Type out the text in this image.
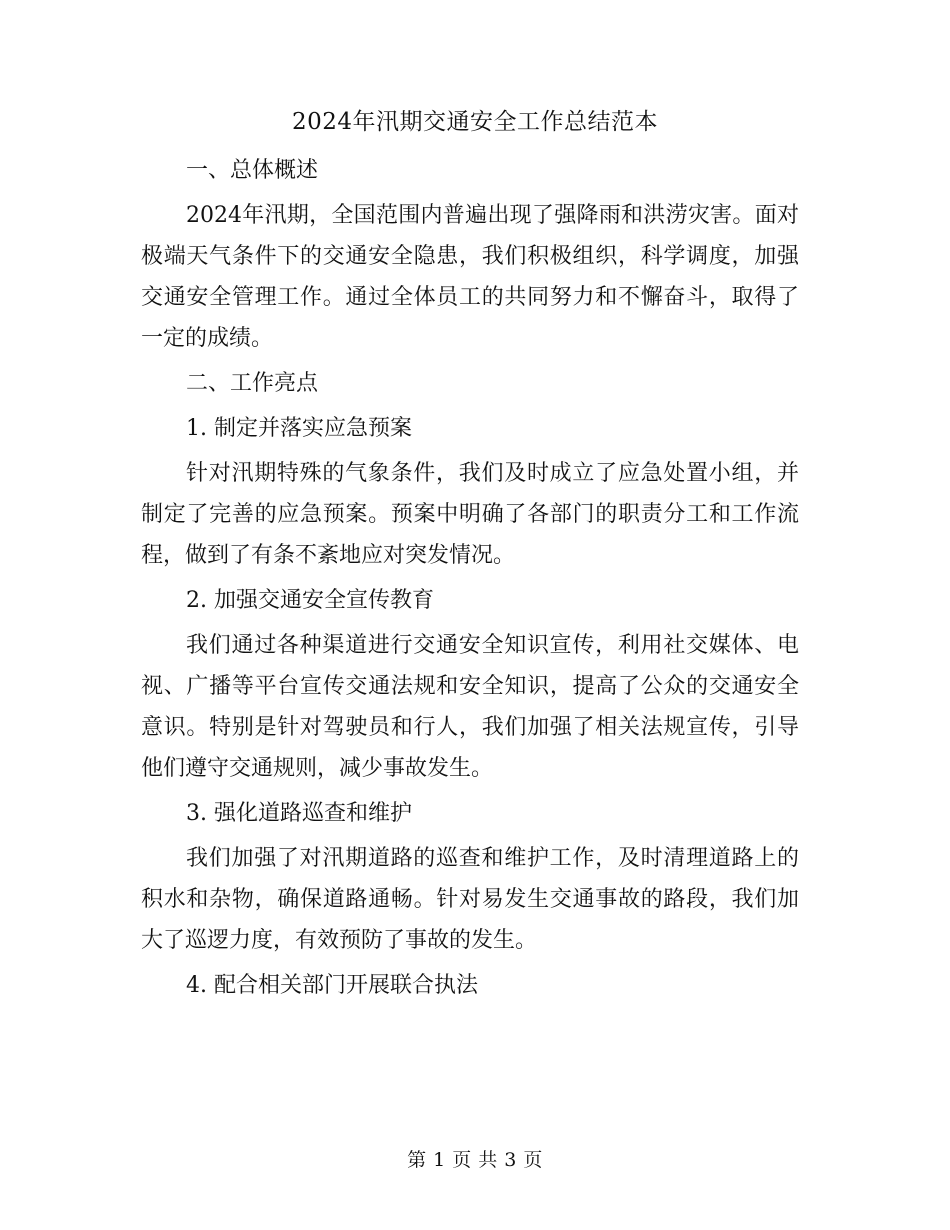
2024年汛期交通安全工作总结范本

一、总体概述

2024年汛期，全国范围内普遍出现了强降雨和洪涝灾害。面对极端天气条件下的交通安全隐患，我们积极组织，科学调度，加强交通安全管理工作。通过全体员工的共同努力和不懈奋斗，取得了一定的成绩。

二、工作亮点

1. 制定并落实应急预案

针对汛期特殊的气象条件，我们及时成立了应急处置小组，并制定了完善的应急预案。预案中明确了各部门的职责分工和工作流程，做到了有条不紊地应对突发情况。

2. 加强交通安全宣传教育

我们通过各种渠道进行交通安全知识宣传，利用社交媒体、电视、广播等平台宣传交通法规和安全知识，提高了公众的交通安全意识。特别是针对驾驶员和行人，我们加强了相关法规宣传，引导他们遵守交通规则，减少事故发生。

3. 强化道路巡查和维护

我们加强了对汛期道路的巡查和维护工作，及时清理道路上的积水和杂物，确保道路通畅。针对易发生交通事故的路段，我们加大了巡逻力度，有效预防了事故的发生。

4. 配合相关部门开展联合执法

第 1 页 共 3 页
